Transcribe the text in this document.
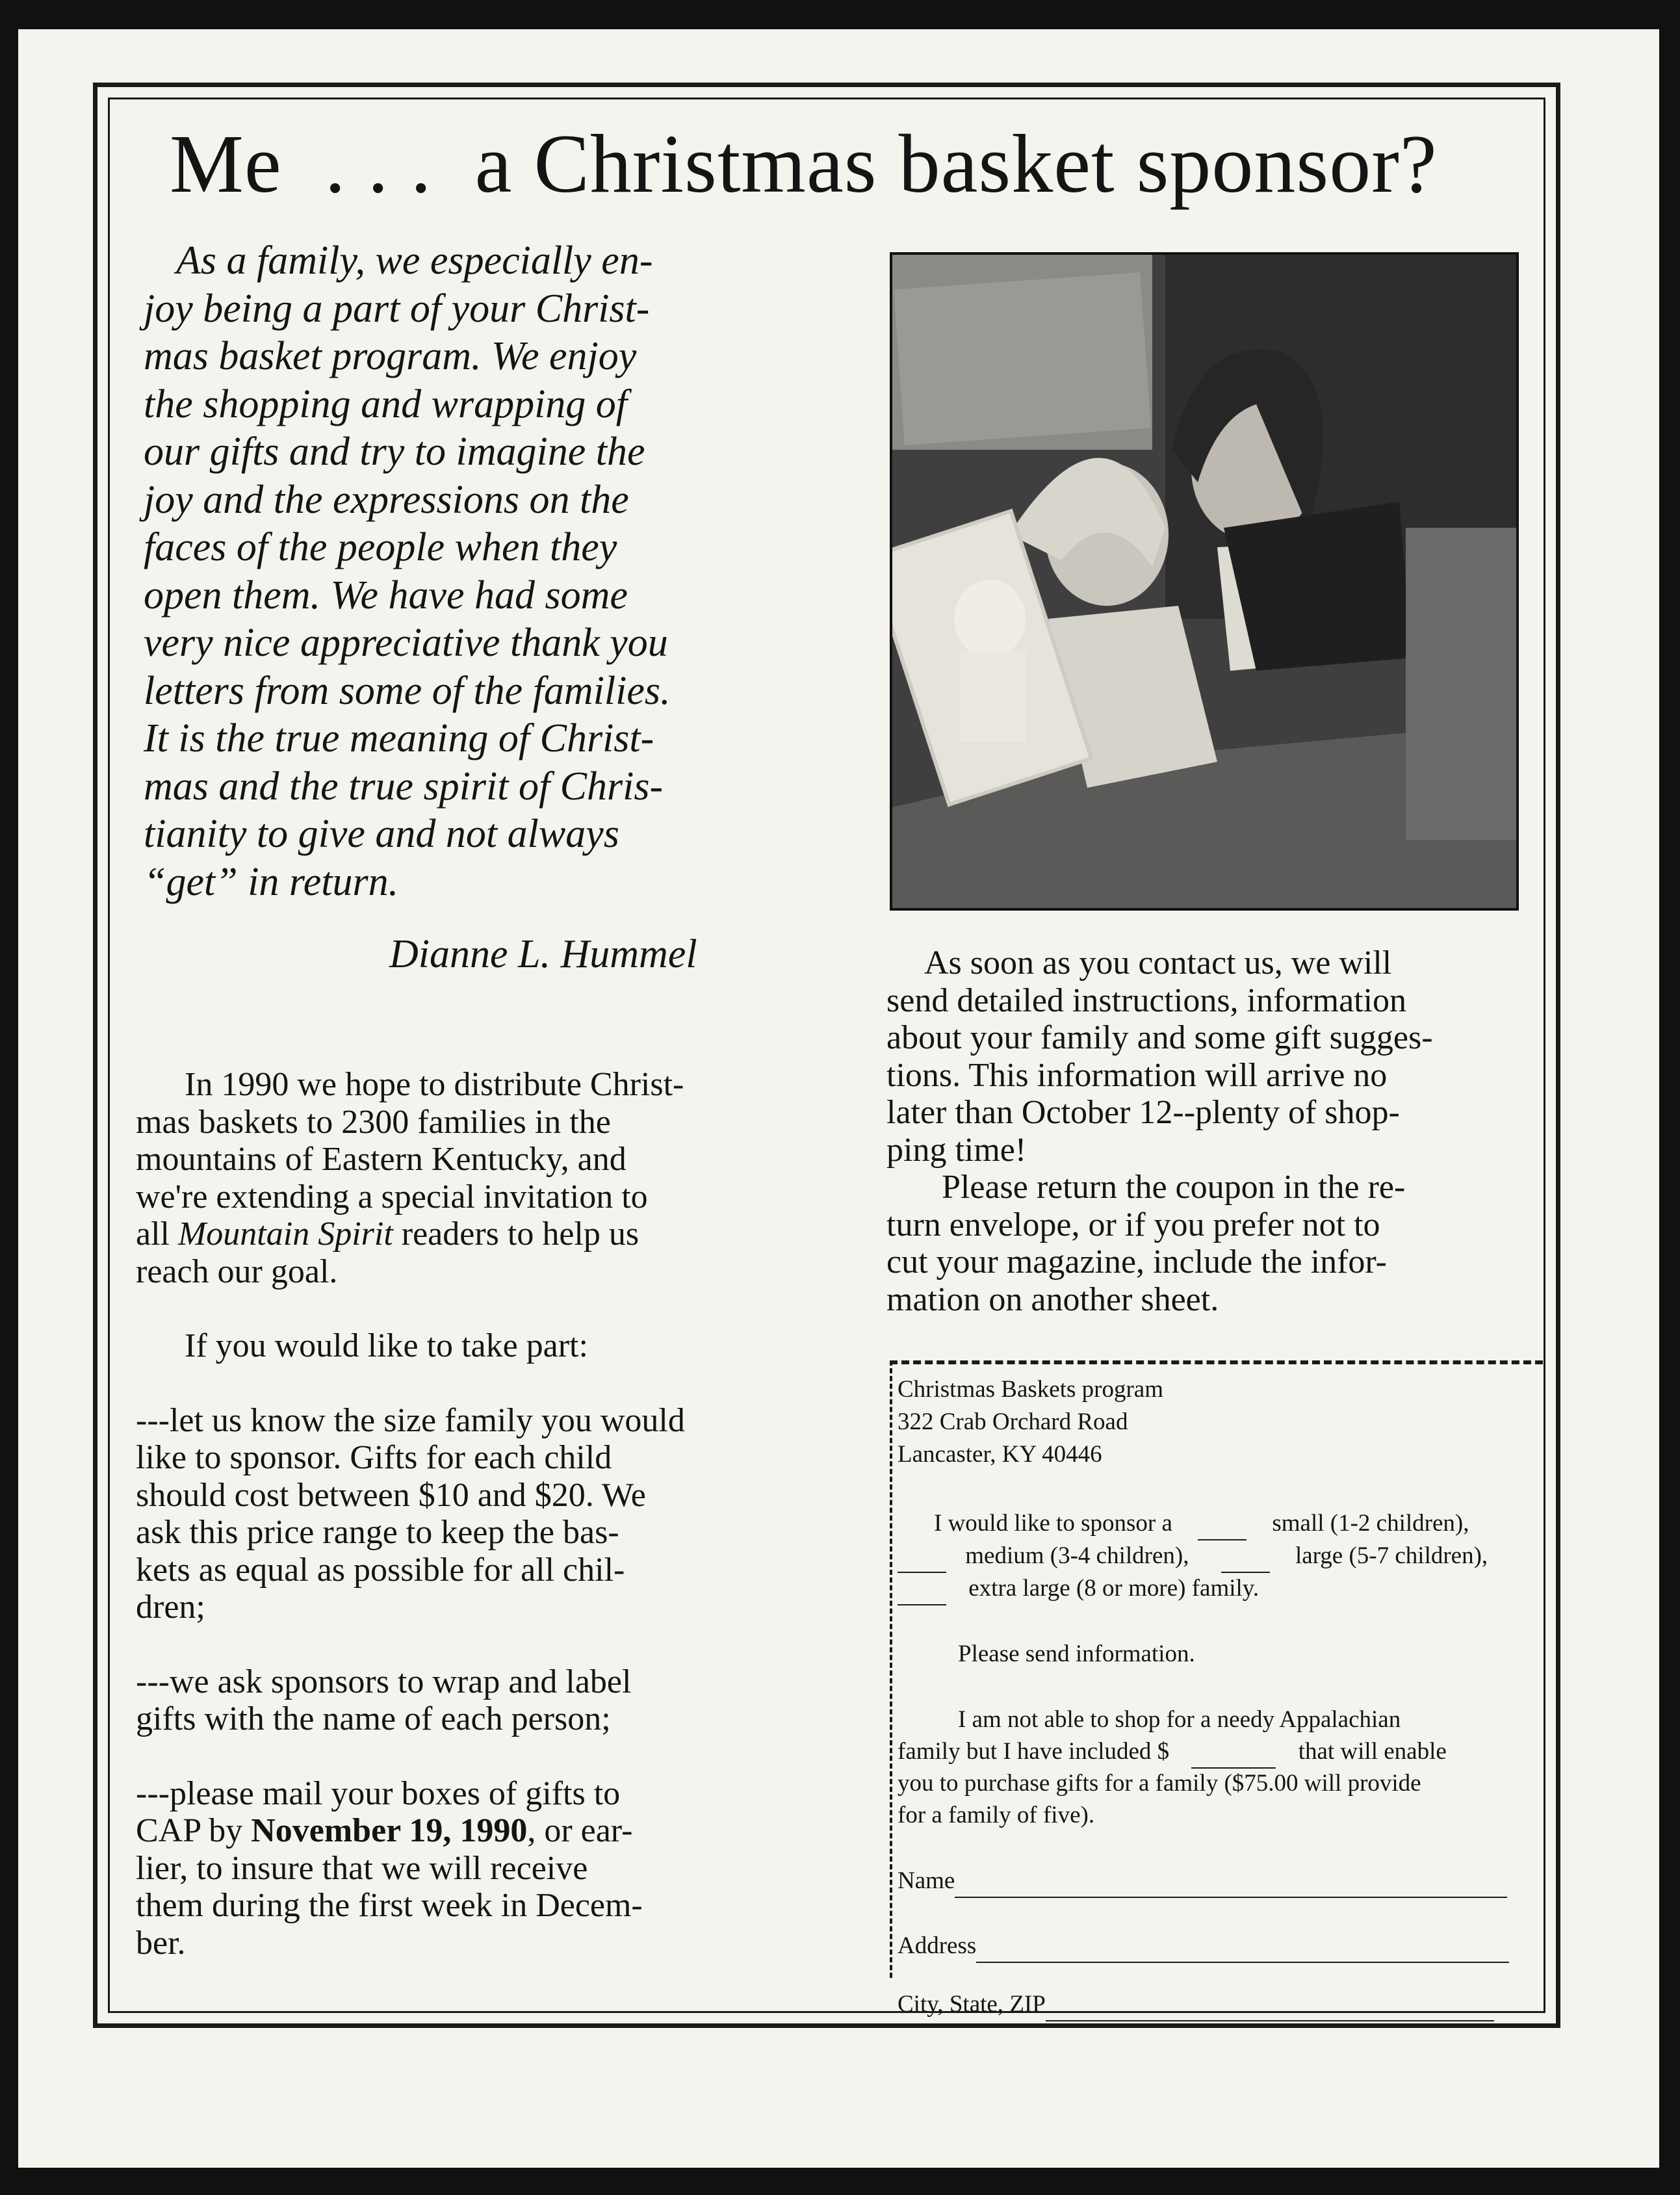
Me  . . .  a Christmas basket sponsor?
As a family, we especially en-
joy being a part of your Christ-
mas basket program. We enjoy
the shopping and wrapping of
our gifts and try to imagine the
joy and the expressions on the
faces of the people when they
open them. We have had some
very nice appreciative thank you
letters from some of the families.
It is the true meaning of Christ-
mas and the true spirit of Chris-
tianity to give and not always
“get” in return.
Dianne L. Hummel
In 1990 we hope to distribute Christ-
mas baskets to 2300 families in the
mountains of Eastern Kentucky, and
we're extending a special invitation to
all Mountain Spirit readers to help us
reach our goal.
If you would like to take part:
---let us know the size family you would
like to sponsor. Gifts for each child
should cost between $10 and $20. We
ask this price range to keep the bas-
kets as equal as possible for all chil-
dren;
---we ask sponsors to wrap and label
gifts with the name of each person;
---please mail your boxes of gifts to
CAP by November 19, 1990, or ear-
lier, to insure that we will receive
them during the first week in Decem-
ber.
As soon as you contact us, we will
send detailed instructions, information
about your family and some gift sugges-
tions. This information will arrive no
later than October 12--plenty of shop-
ping time!
Please return the coupon in the re-
turn envelope, or if you prefer not to
cut your magazine, include the infor-
mation on another sheet.
Christmas Baskets program
322 Crab Orchard Road
Lancaster, KY 40446
I would like to sponsor a	small (1-2 children),
medium (3-4 children),	large (5-7 children),
extra large (8 or more) family.
Please send information.
I am not able to shop for a needy Appalachian
family but I have included $	that will enable
you to purchase gifts for a family ($75.00 will provide
for a family of five).
Name
Address
City, State, ZIP
